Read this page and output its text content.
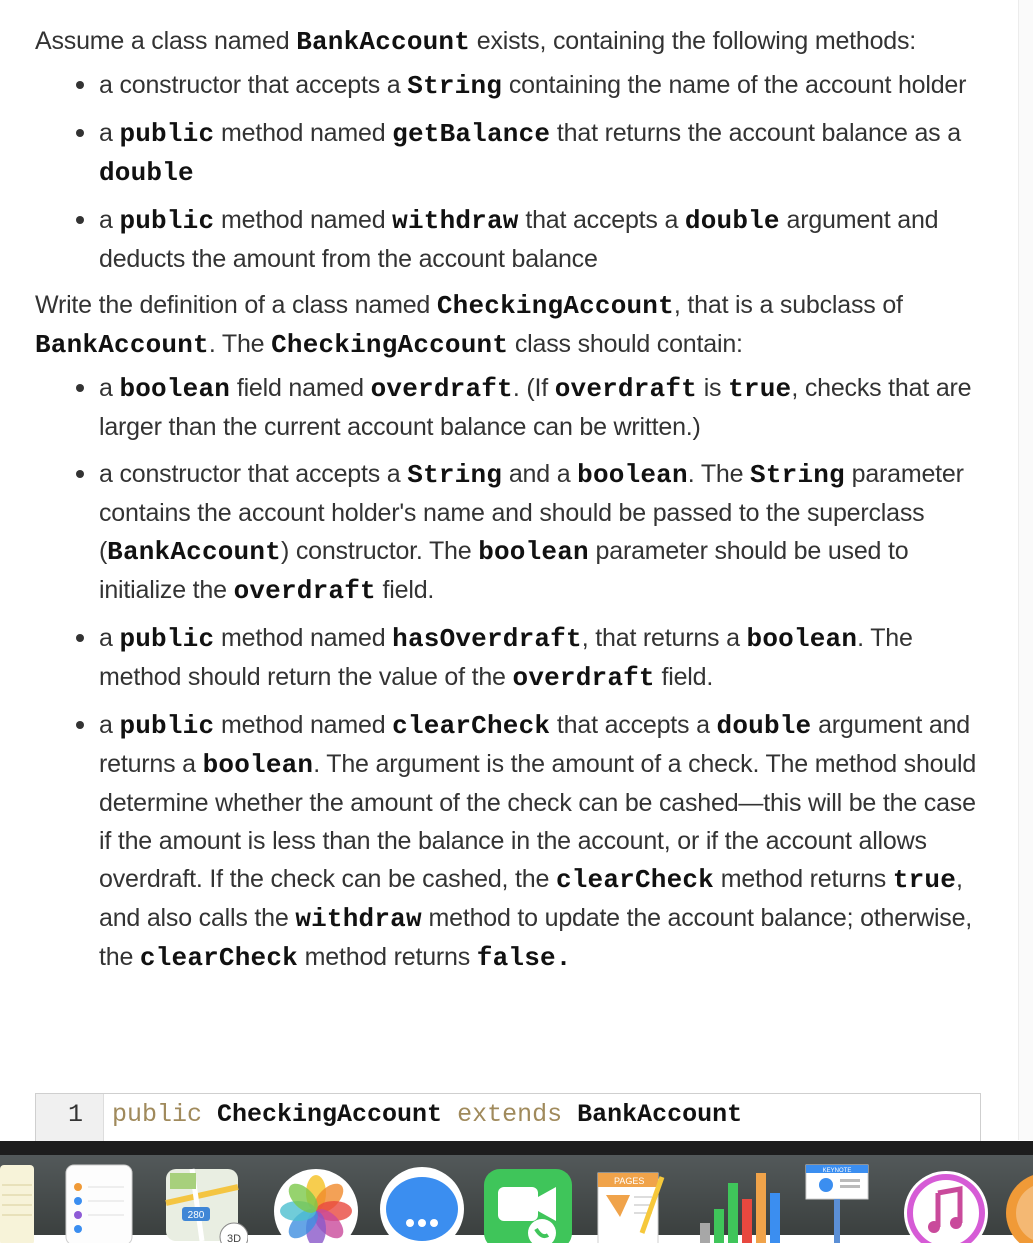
Assume a class named BankAccount exists, containing the following methods:

• a constructor that accepts a String containing the name of the account holder
• a public method named getBalance that returns the account balance as a double
• a public method named withdraw that accepts a double argument and deducts the amount from the account balance

Write the definition of a class named CheckingAccount, that is a subclass of BankAccount. The CheckingAccount class should contain:

• a boolean field named overdraft. (If overdraft is true, checks that are larger than the current account balance can be written.)
• a constructor that accepts a String and a boolean. The String parameter contains the account holder's name and should be passed to the superclass (BankAccount) constructor. The boolean parameter should be used to initialize the overdraft field.
• a public method named hasOverdraft, that returns a boolean. The method should return the value of the overdraft field.
• a public method named clearCheck that accepts a double argument and returns a boolean. The argument is the amount of a check. The method should determine whether the amount of the check can be cashed—this will be the case if the amount is less than the balance in the account, or if the account allows overdraft. If the check can be cashed, the clearCheck method returns true, and also calls the withdraw method to update the account balance; otherwise, the clearCheck method returns false.
1	public CheckingAccount extends BankAccount
280
3D
PAGES
KEYNOTE
